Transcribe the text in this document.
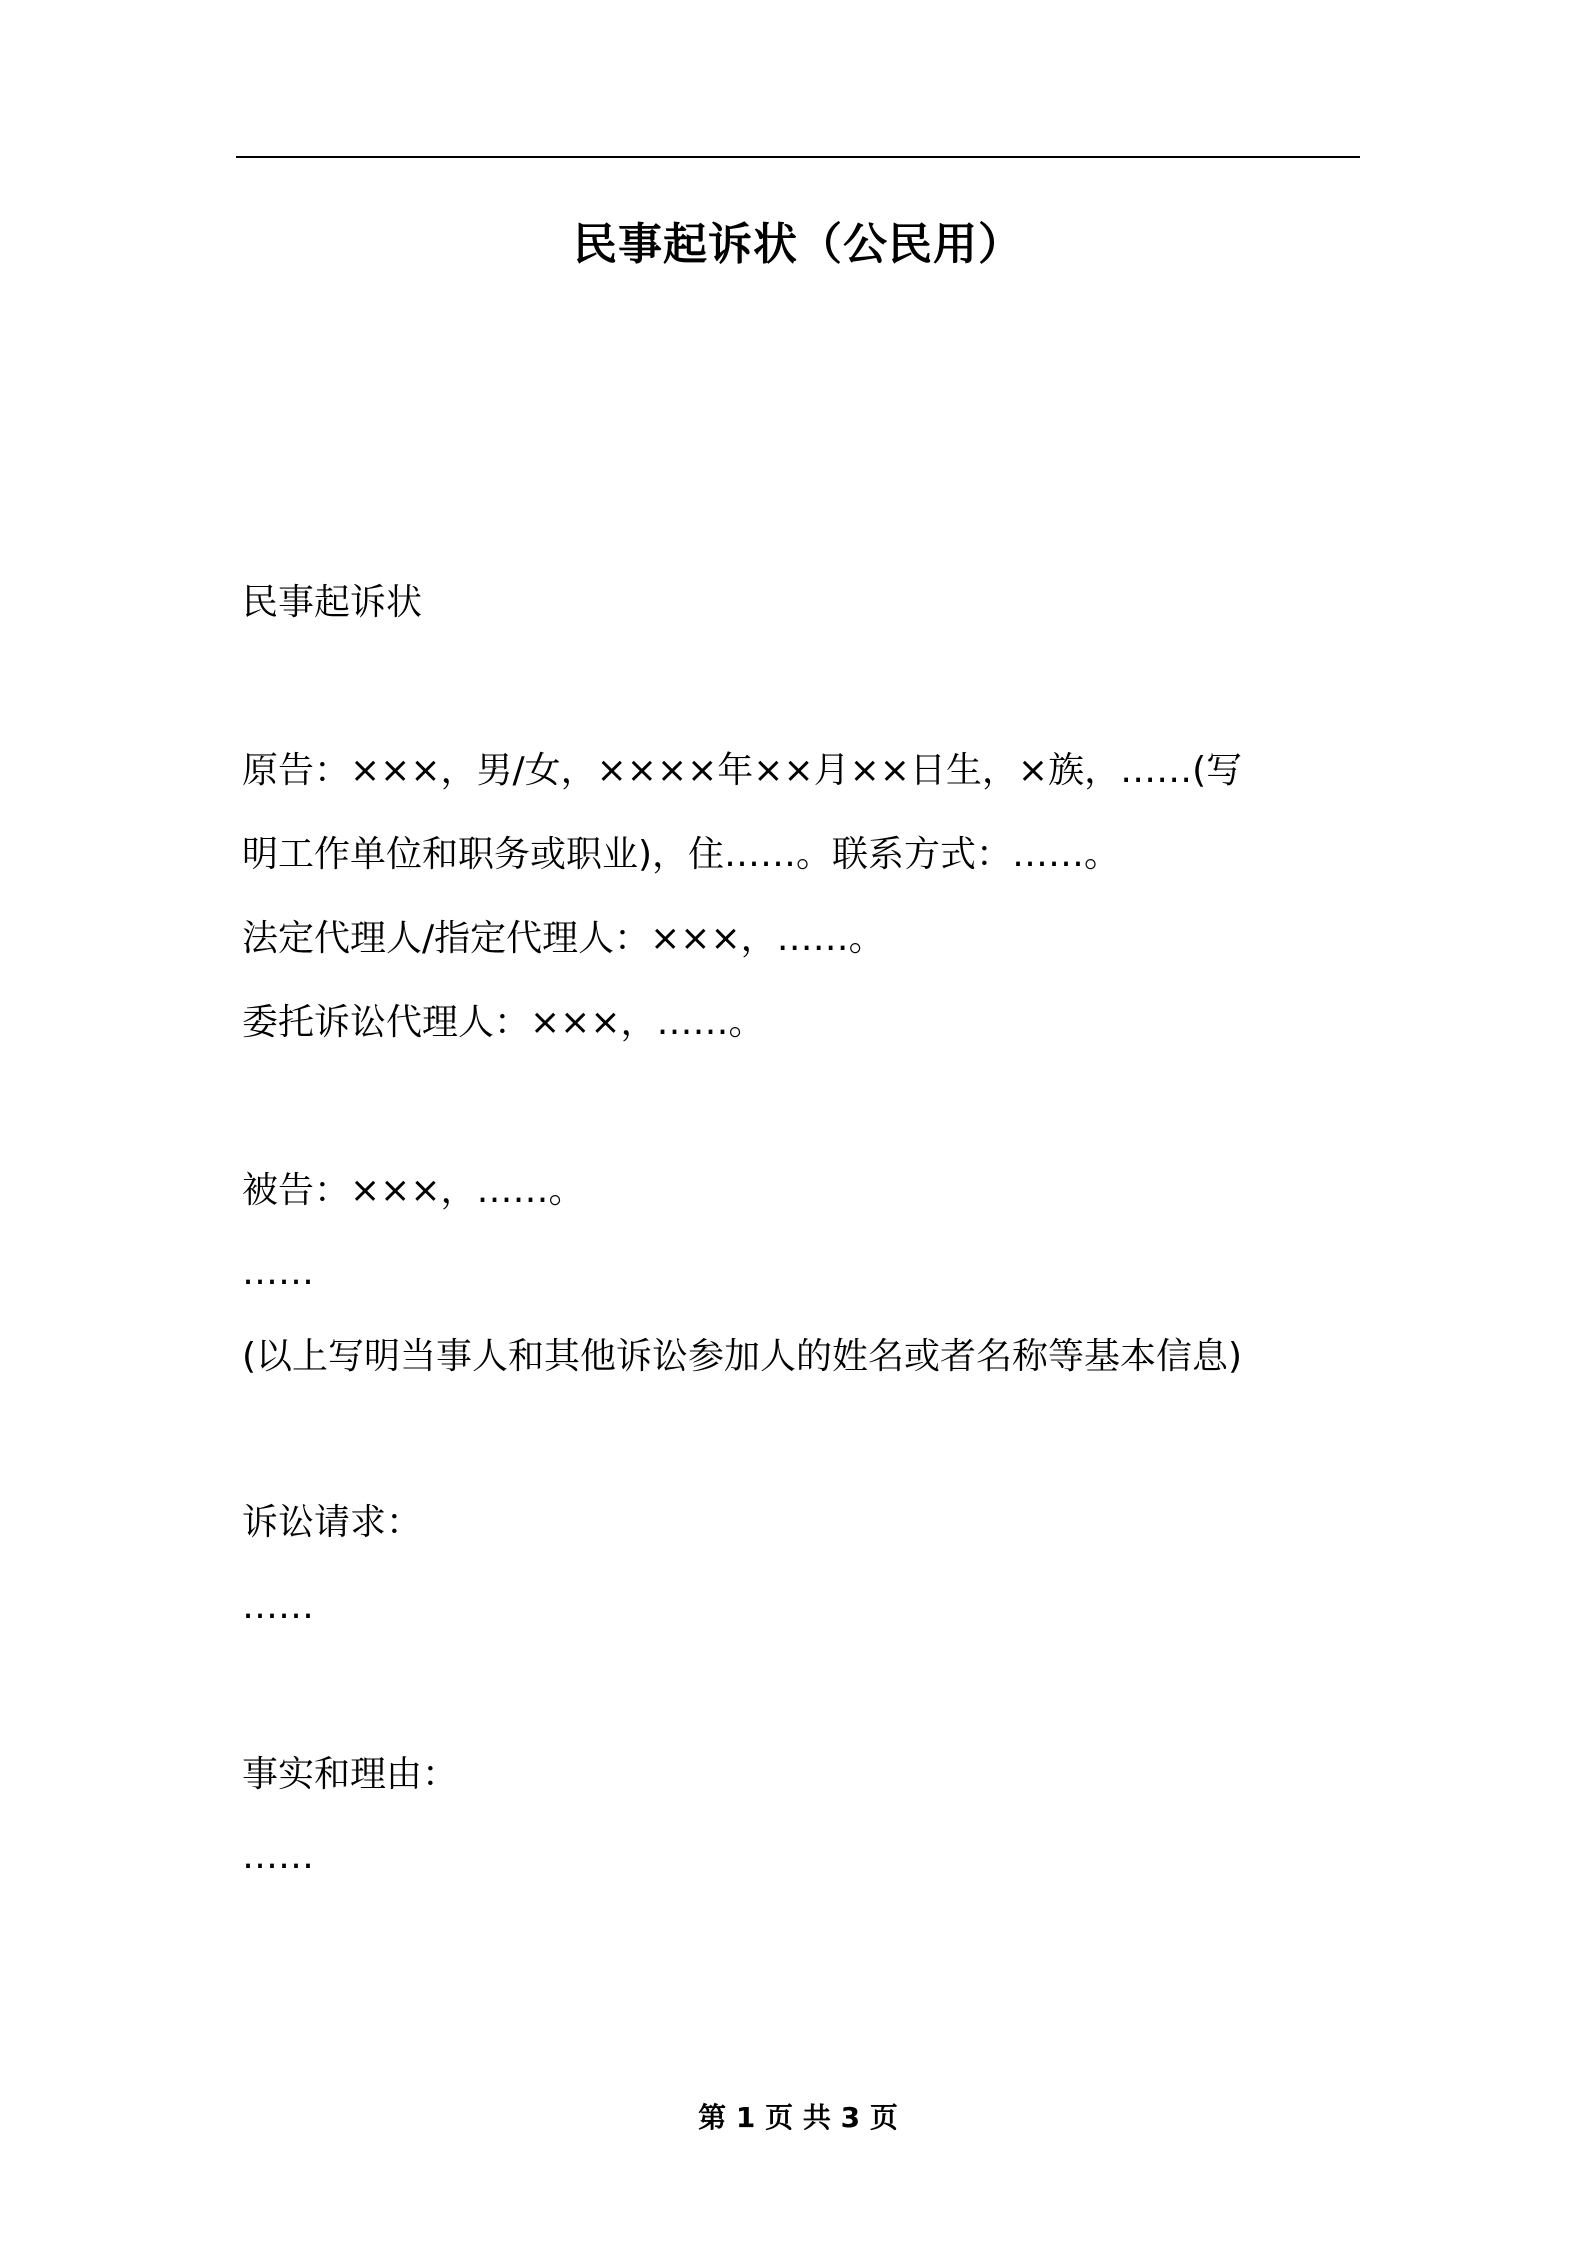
民事起诉状（公民用）
民事起诉状
原告：×××，男/女，××××年××月××日生，×族，……(写
明工作单位和职务或职业)，住……。联系方式：……。
法定代理人/指定代理人：×××，……。
委托诉讼代理人：×××，……。
被告：×××，……。
……
(以上写明当事人和其他诉讼参加人的姓名或者名称等基本信息)
诉讼请求：
……
事实和理由：
……
第 1 页 共 3 页
